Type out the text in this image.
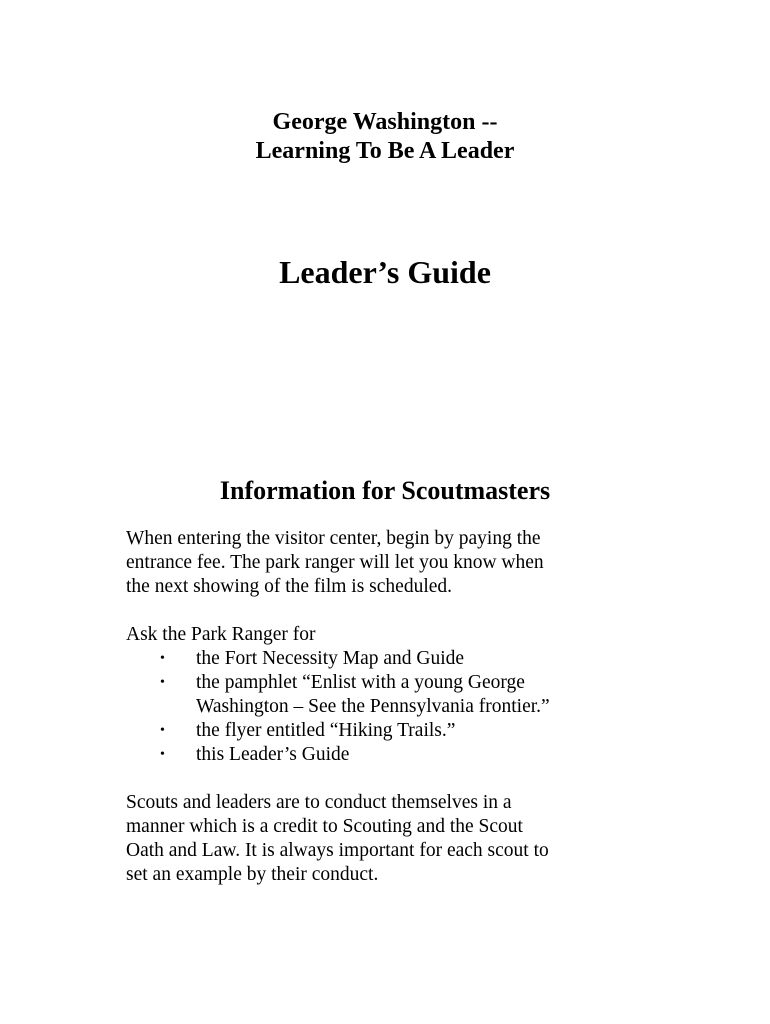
George Washington --
Learning To Be A Leader
Leader’s Guide
Information for Scoutmasters

When entering the visitor center, begin by paying the
entrance fee. The park ranger will let you know when
the next showing of the film is scheduled.

Ask the Park Ranger for

• the Fort Necessity Map and Guide
• the pamphlet “Enlist with a young George
Washington – See the Pennsylvania frontier.”
• the flyer entitled “Hiking Trails.”
• this Leader’s Guide

Scouts and leaders are to conduct themselves in a
manner which is a credit to Scouting and the Scout
Oath and Law. It is always important for each scout to
set an example by their conduct.
